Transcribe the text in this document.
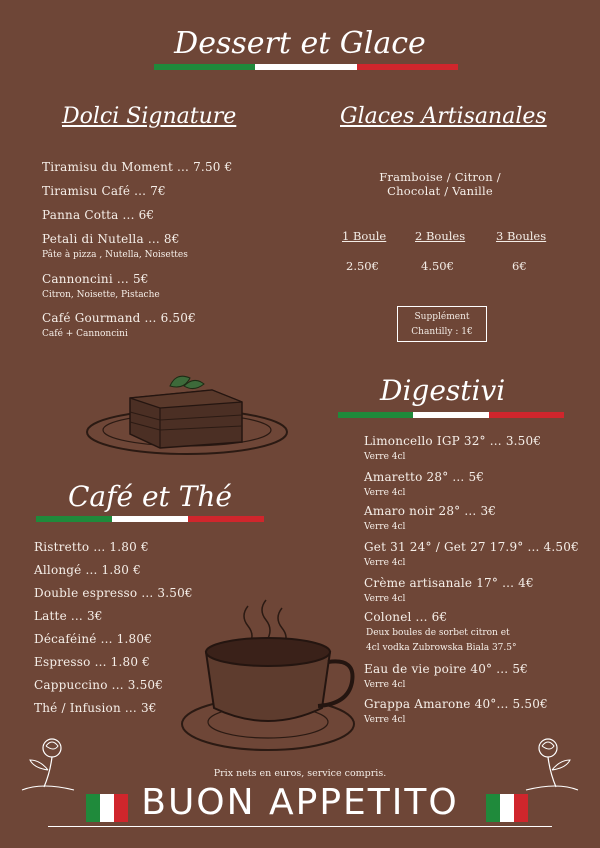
Dessert et Glace
Dolci Signature
Tiramisu du Moment ... 7.50 €
Tiramisu Café ... 7€
Panna Cotta ... 6€
Petali di Nutella ... 8€
Pâte à pizza , Nutella, Noisettes
Cannoncini ... 5€
Citron, Noisette, Pistache
Café Gourmand ... 6.50€
Café + Cannoncini
Glaces Artisanales
Framboise / Citron /
Chocolat / Vanille
1 Boule	2 Boules	3 Boules
2.50€	4.50€	6€
Supplément
Chantilly : 1€
Digestivi
Limoncello IGP 32° ... 3.50€
Verre 4cl
Amaretto 28° ... 5€
Verre 4cl
Amaro noir 28° ... 3€
Verre 4cl
Get 31 24° / Get 27 17.9° ... 4.50€
Verre 4cl
Crème artisanale 17° ... 4€
Verre 4cl
Colonel ... 6€
Deux boules de sorbet citron et
4cl vodka Zubrowska Biala 37.5°
Eau de vie poire 40° ... 5€
Verre 4cl
Grappa Amarone 40°... 5.50€
Verre 4cl
Café et Thé
Ristretto ... 1.80 €
Allongé ... 1.80 €
Double espresso ... 3.50€
Latte ... 3€
Décaféiné ... 1.80€
Espresso ... 1.80 €
Cappuccino ... 3.50€
Thé / Infusion ... 3€
Prix nets en euros, service compris.
BUON APPETITO
